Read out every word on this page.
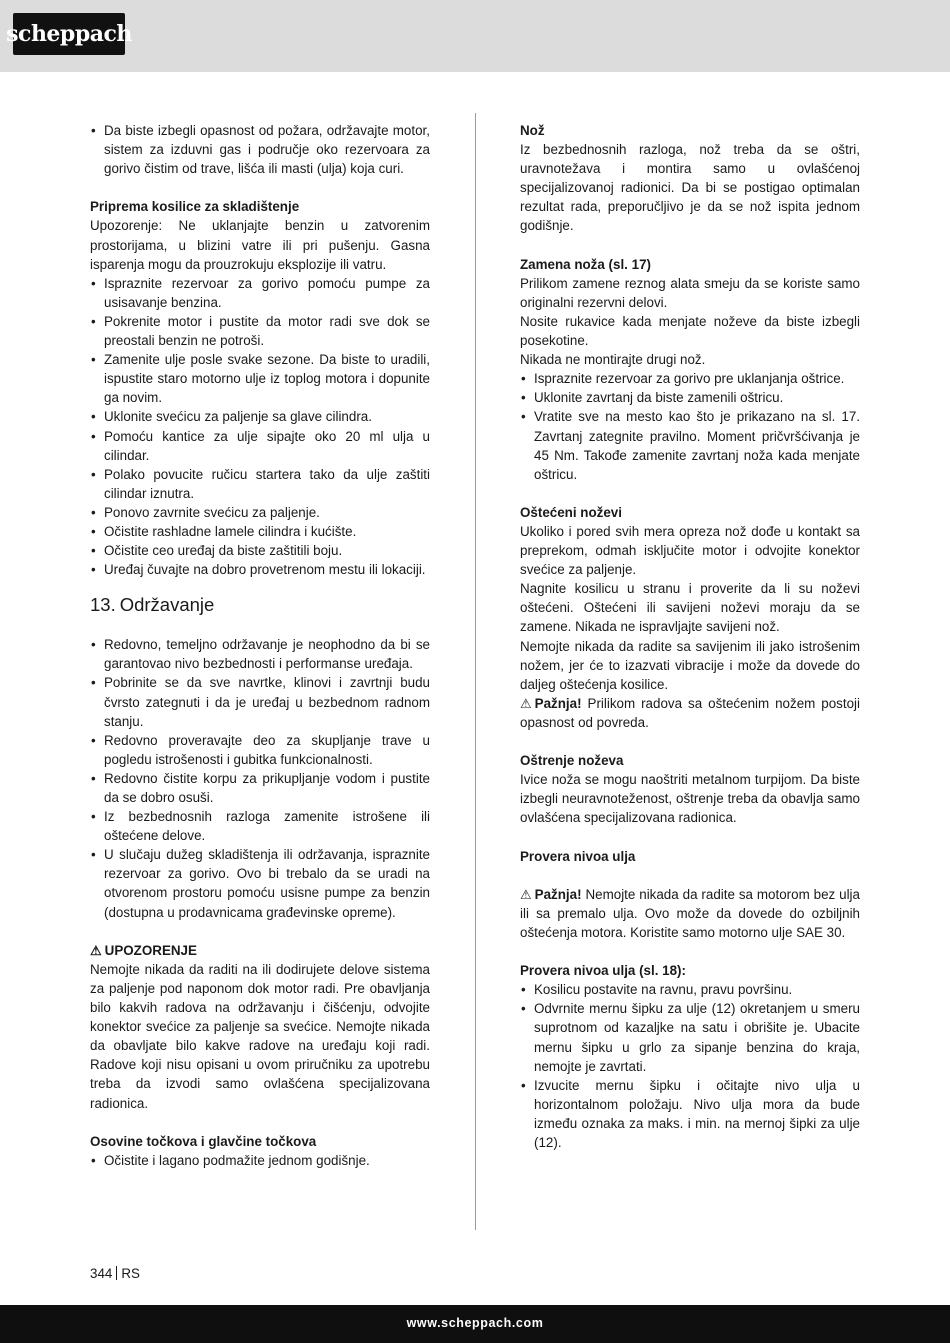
scheppach
• Da biste izbegli opasnost od požara, održavajte motor, sistem za izduvni gas i područje oko rezervoara za gorivo čistim od trave, lišća ili masti (ulja) koja curi.
Priprema kosilice za skladištenje

Upozorenje: Ne uklanjajte benzin u zatvorenim prostorijama, u blizini vatre ili pri pušenju. Gasna isparenja mogu da prouzrokuju eksplozije ili vatru.

• Ispraznite rezervoar za gorivo pomoću pumpe za usisavanje benzina.
• Pokrenite motor i pustite da motor radi sve dok se preostali benzin ne potroši.
• Zamenite ulje posle svake sezone. Da biste to uradili, ispustite staro motorno ulje iz toplog motora i dopunite ga novim.
• Uklonite svećicu za paljenje sa glave cilindra.
• Pomoću kantice za ulje sipajte oko 20 ml ulja u cilindar.
• Polako povucite ručicu startera tako da ulje zaštiti cilindar iznutra.
• Ponovo zavrnite svećicu za paljenje.
• Očistite rashladne lamele cilindra i kućište.
• Očistite ceo uređaj da biste zaštitili boju.
• Uređaj čuvajte na dobro provetrenom mestu ili lokaciji.
13. Održavanje
• Redovno, temeljno održavanje je neophodno da bi se garantovao nivo bezbednosti i performanse uređaja.
• Pobrinite se da sve navrtke, klinovi i zavrtnji budu čvrsto zategnuti i da je uređaj u bezbednom radnom stanju.
• Redovno proveravajte deo za skupljanje trave u pogledu istrošenosti i gubitka funkcionalnosti.
• Redovno čistite korpu za prikupljanje vodom i pustite da se dobro osuši.
• Iz bezbednosnih razloga zamenite istrošene ili oštećene delove.
• U slučaju dužeg skladištenja ili održavanja, ispraznite rezervoar za gorivo. Ovo bi trebalo da se uradi na otvorenom prostoru pomoću usisne pumpe za benzin (dostupna u prodavnicama građevinske opreme).
⚠ UPOZORENJE

Nemojte nikada da raditi na ili dodirujete delove sistema za paljenje pod naponom dok motor radi. Pre obavljanja bilo kakvih radova na održavanju i čišćenju, odvojite konektor svećice za paljenje sa svećice. Nemojte nikada da obavljate bilo kakve radove na uređaju koji radi. Radove koji nisu opisani u ovom priručniku za upotrebu treba da izvodi samo ovlašćena specijalizovana radionica.

Osovine točkova i glavčine točkova
• Očistite i lagano podmažite jednom godišnje.
Nož

Iz bezbednosnih razloga, nož treba da se oštri, uravnotežava i montira samo u ovlašćenoj specijalizovanoj radionici. Da bi se postigao optimalan rezultat rada, preporučljivo je da se nož ispita jednom godišnje.

Zamena noža (sl. 17)

Prilikom zamene reznog alata smeju da se koriste samo originalni rezervni delovi.

Nosite rukavice kada menjate noževe da biste izbegli posekotine.

Nikada ne montirajte drugi nož.

• Ispraznite rezervoar za gorivo pre uklanjanja oštrice.
• Uklonite zavrtanj da biste zamenili oštricu.
• Vratite sve na mesto kao što je prikazano na sl. 17. Zavrtanj zategnite pravilno. Moment pričvršćivanja je 45 Nm. Takođe zamenite zavrtanj noža kada menjate oštricu.
Oštećeni noževi

Ukoliko i pored svih mera opreza nož dođe u kontakt sa preprekom, odmah isključite motor i odvojite konektor svećice za paljenje.

Nagnite kosilicu u stranu i proverite da li su noževi oštećeni. Oštećeni ili savijeni noževi moraju da se zamene. Nikada ne ispravljajte savijeni nož.

Nemojte nikada da radite sa savijenim ili jako istrošenim nožem, jer će to izazvati vibracije i može da dovede do daljeg oštećenja kosilice.

⚠ Pažnja! Prilikom radova sa oštećenim nožem postoji opasnost od povreda.

Oštrenje noževa

Ivice noža se mogu naoštriti metalnom turpijom. Da biste izbegli neuravnoteženost, oštrenje treba da obavlja samo ovlašćena specijalizovana radionica.

Provera nivoa ulja

⚠ Pažnja! Nemojte nikada da radite sa motorom bez ulja ili sa premalo ulja. Ovo može da dovede do ozbiljnih oštećenja motora. Koristite samo motorno ulje SAE 30.

Provera nivoa ulja (sl. 18):
• Kosilicu postavite na ravnu, pravu površinu.
• Odvrnite mernu šipku za ulje (12) okretanjem u smeru suprotnom od kazaljke na satu i obrišite je. Ubacite mernu šipku u grlo za sipanje benzina do kraja, nemojte je zavrtati.
• Izvucite mernu šipku i očitajte nivo ulja u horizontalnom položaju. Nivo ulja mora da bude između oznaka za maks. i min. na mernoj šipki za ulje (12).
344 RS
www.scheppach.com
